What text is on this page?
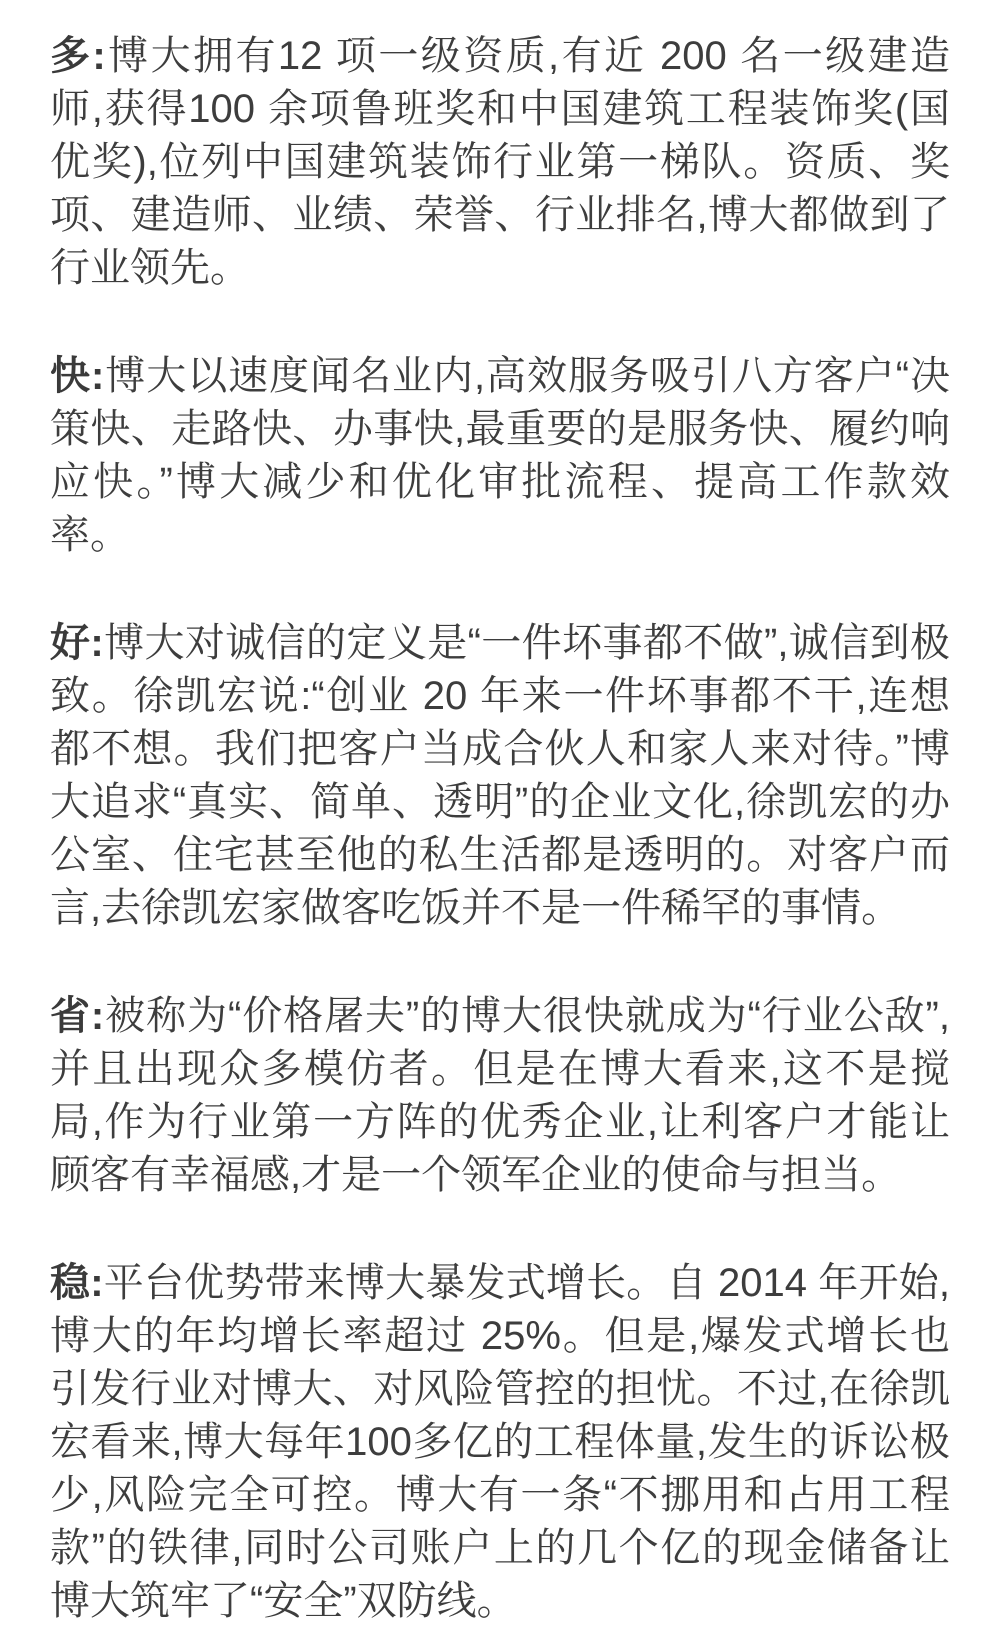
多:博大拥有12 项一级资质,有近 200 名一级建造师,获得100 余项鲁班奖和中国建筑工程装饰奖(国优奖),位列中国建筑装饰行业第一梯队。资质、奖项、建造师、业绩、荣誉、行业排名,博大都做到了行业领先。

快:博大以速度闻名业内,高效服务吸引八方客户“决策快、走路快、办事快,最重要的是服务快、履约响应快。”博大减少和优化审批流程、提高工作款效率。

好:博大对诚信的定义是“一件坏事都不做”,诚信到极致。徐凯宏说:“创业 20 年来一件坏事都不干,连想都不想。我们把客户当成合伙人和家人来对待。”博大追求“真实、简单、透明”的企业文化,徐凯宏的办公室、住宅甚至他的私生活都是透明的。对客户而言,去徐凯宏家做客吃饭并不是一件稀罕的事情。

省:被称为“价格屠夫”的博大很快就成为“行业公敌”,并且出现众多模仿者。但是在博大看来,这不是搅局,作为行业第一方阵的优秀企业,让利客户才能让顾客有幸福感,才是一个领军企业的使命与担当。

稳:平台优势带来博大暴发式增长。自 2014 年开始,博大的年均增长率超过 25%。但是,爆发式增长也引发行业对博大、对风险管控的担忧。不过,在徐凯宏看来,博大每年100多亿的工程体量,发生的诉讼极少,风险完全可控。博大有一条“不挪用和占用工程款”的铁律,同时公司账户上的几个亿的现金储备让博大筑牢了“安全”双防线。
